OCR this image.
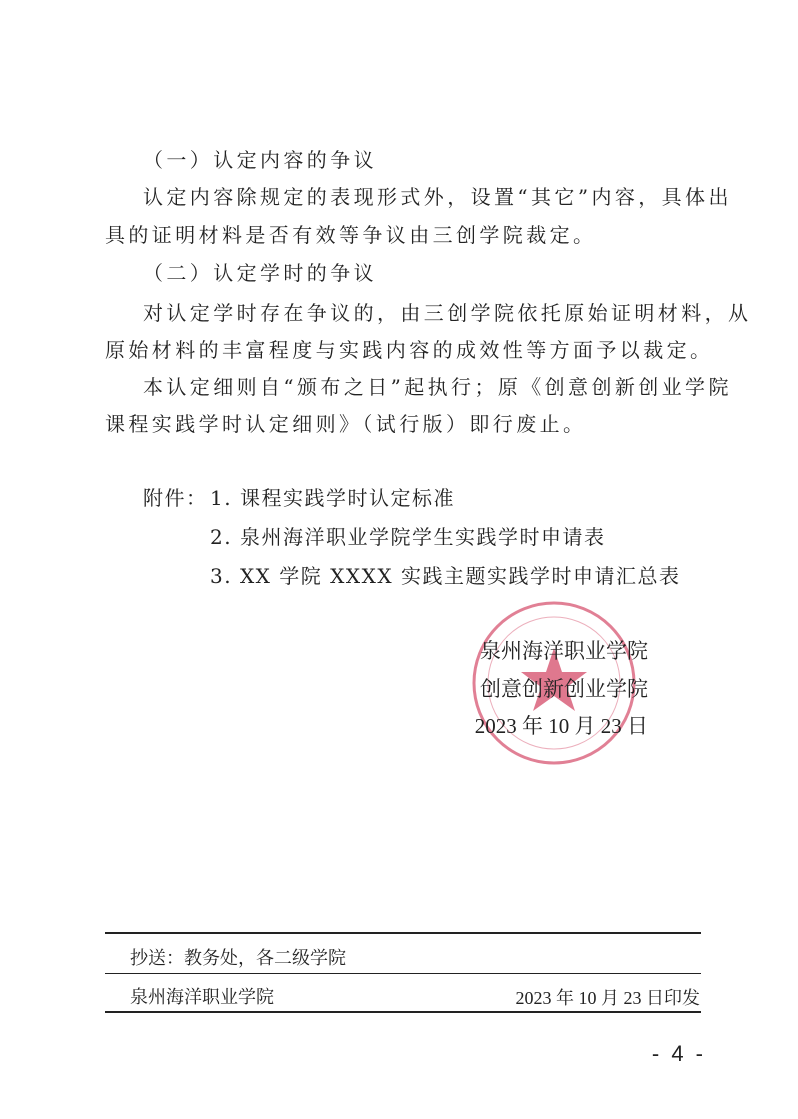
（一）认定内容的争议
认定内容除规定的表现形式外，设置“其它”内容，具体出
具的证明材料是否有效等争议由三创学院裁定。
（二）认定学时的争议
对认定学时存在争议的，由三创学院依托原始证明材料，从
原始材料的丰富程度与实践内容的成效性等方面予以裁定。
本认定细则自“颁布之日”起执行；原《创意创新创业学院
课程实践学时认定细则》（试行版）即行废止。
附件： 1. 课程实践学时认定标准
2. 泉州海洋职业学院学生实践学时申请表
3. XX 学院 XXXX 实践主题实践学时申请汇总表
泉州海洋职业学院
创意创新创业学院
2023 年 10 月 23 日
抄送：教务处，各二级学院
泉州海洋职业学院	2023 年 10 月 23 日印发
- 4 -
